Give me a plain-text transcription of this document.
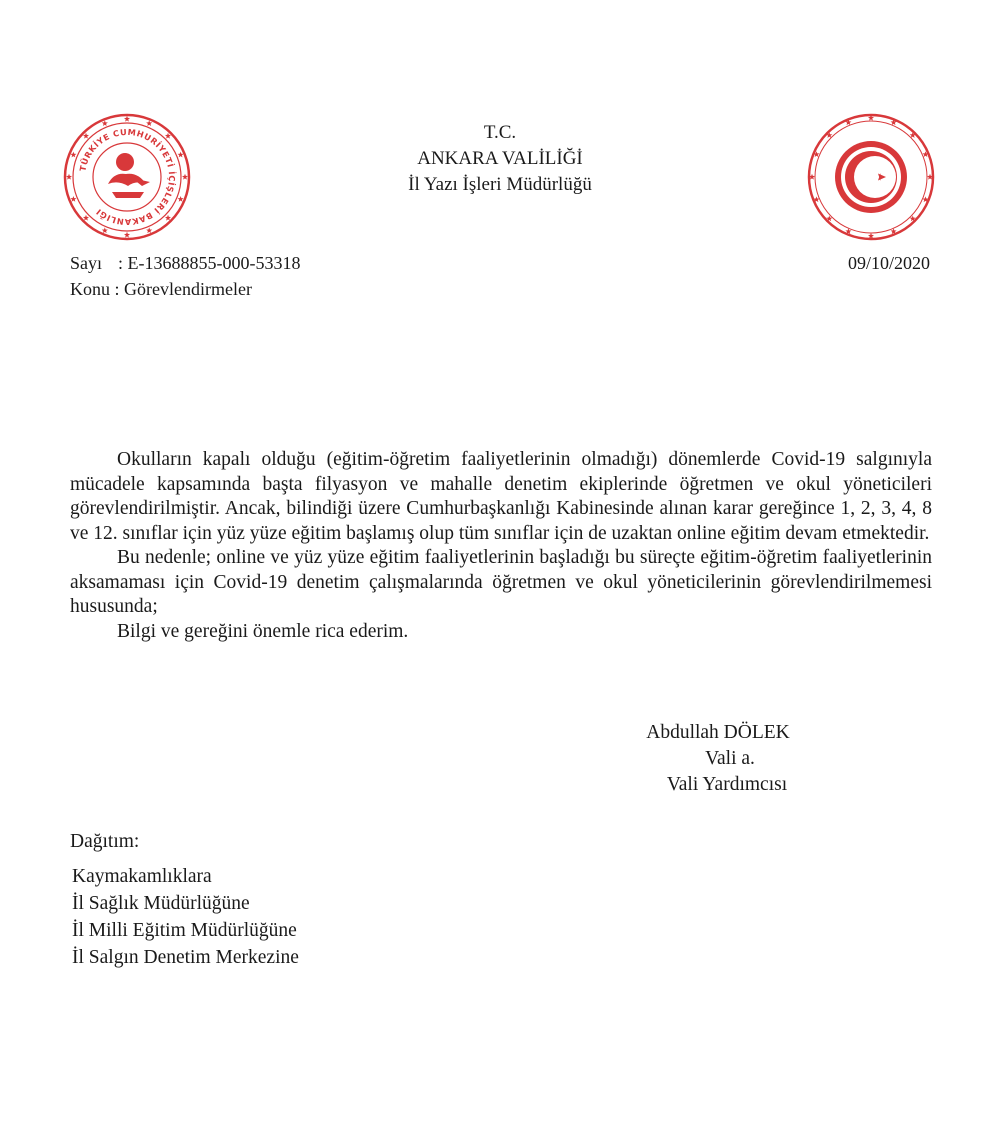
TÜRKİYE CUMHURİYETİ İÇİŞLERİ BAKANLIĞI
T.C.
ANKARA VALİLİĞİ
İl Yazı İşleri Müdürlüğü
TÜRKİYE CUMHURİYETİ
Sayı : E-13688855-000-53318
Konu : Görevlendirmeler
09/10/2020

Okulların kapalı olduğu (eğitim-öğretim faaliyetlerinin olmadığı) dönemlerde Covid-19 salgınıyla mücadele kapsamında başta filyasyon ve mahalle denetim ekiplerinde öğretmen ve okul yöneticileri görevlendirilmiştir. Ancak, bilindiği üzere Cumhurbaşkanlığı Kabinesinde alınan karar gereğince 1, 2, 3, 4, 8 ve 12. sınıflar için yüz yüze eğitim başlamış olup tüm sınıflar için de uzaktan online eğitim devam etmektedir.

Bu nedenle; online ve yüz yüze eğitim faaliyetlerinin başladığı bu süreçte eğitim-öğretim faaliyetlerinin aksamaması için Covid-19 denetim çalışmalarında öğretmen ve okul yöneticilerinin görevlendirilmemesi hususunda;

Bilgi ve gereğini önemle rica ederim.

Abdullah DÖLEK
Vali a.
Vali Yardımcısı
Dağıtım:
Kaymakamlıklara
İl Sağlık Müdürlüğüne
İl Milli Eğitim Müdürlüğüne
İl Salgın Denetim Merkezine
